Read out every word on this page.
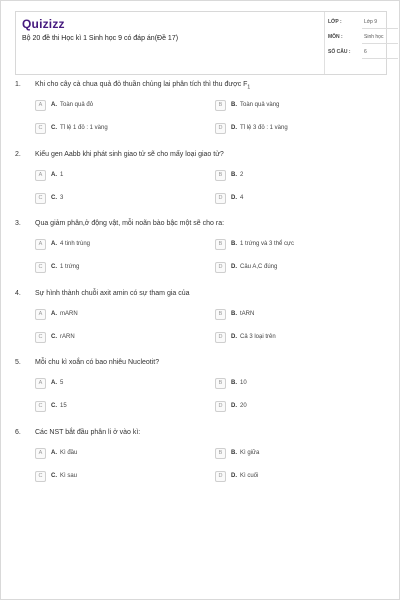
Quizizz
Bộ 20 đề thi Học kì 1 Sinh học 9 có đáp án(Đề 17)
LỚP :	Lớp 9
MÔN :	Sinh học
SỐ CÂU :	6
1. Khi cho cây cà chua quả đỏ thuần chủng lai phân tích thì thu được $F_1$
A	A. Toàn quả đỏ	B	B. Toàn quả vàng
C	C. Tỉ lệ 1 đỏ : 1 vàng	D	D. Tỉ lệ 3 đỏ : 1 vàng
2. Kiểu gen Aabb khi phát sinh giao tử sẽ cho mấy loại giao tử?
A	A. 1	B	B. 2
C	C. 3	D	D. 4
3. Qua giảm phân,ở động vật, mỗi noãn bào bậc một sẽ cho ra:
A	A. 4 tinh trùng	B	B. 1 trứng và 3 thể cực
C	C. 1 trứng	D	D. Câu A,C đúng
4. Sự hình thành chuỗi axit amin có sự tham gia của
A	A. mARN	B	B. tARN
C	C. rARN	D	D. Cả 3 loại trên
5. Mỗi chu kì xoắn có bao nhiêu Nucleotit?
A	A. 5	B	B. 10
C	C. 15	D	D. 20
6. Các NST bắt đầu phân li ở vào kì:
A	A. Kì đầu	B	B. Kì giữa
C	C. Kì sau	D	D. Kì cuối
